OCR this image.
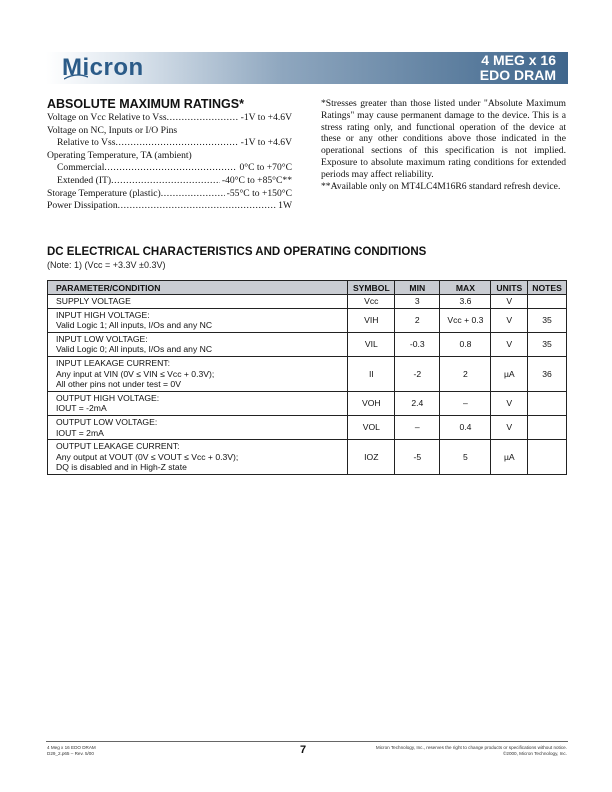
Micron	4 MEG x 16
EDO DRAM
ABSOLUTE MAXIMUM RATINGS*
Voltage on Vcc Relative to Vss .....	-1V to +4.6V
Voltage on NC, Inputs or I/O Pins
Relative to Vss .....	-1V to +4.6V
Operating Temperature, TA (ambient)
Commercial .....	0°C to +70°C
Extended (IT) .....	-40°C to +85°C**
Storage Temperature (plastic) .....	-55°C to +150°C
Power Dissipation .....	1W
*Stresses greater than those listed under "Absolute Maximum Ratings" may cause permanent damage to the device. This is a stress rating only, and functional operation of the device at these or any other conditions above those indicated in the operational sections of this specification is not implied. Exposure to absolute maximum rating conditions for extended periods may affect reliability.
**Available only on MT4LC4M16R6 standard refresh device.
DC ELECTRICAL CHARACTERISTICS AND OPERATING CONDITIONS
(Note: 1) (Vcc = +3.3V ±0.3V)
PARAMETER/CONDITION	SYMBOL	MIN	MAX	UNITS	NOTES

SUPPLY VOLTAGE	Vcc	3	3.6	V	

INPUT HIGH VOLTAGE:
Valid Logic 1; All inputs, I/Os and any NC	VIH	2	Vcc + 0.3	V	35

INPUT LOW VOLTAGE:
Valid Logic 0; All inputs, I/Os and any NC	VIL	-0.3	0.8	V	35

INPUT LEAKAGE CURRENT:
Any input at VIN (0V ≤ VIN ≤ Vcc + 0.3V);
All other pins not under test = 0V	II	-2	2	µA	36

OUTPUT HIGH VOLTAGE:
IOUT = -2mA	VOH	2.4	–	V	

OUTPUT LOW VOLTAGE:
IOUT = 2mA	VOL	–	0.4	V	

OUTPUT LEAKAGE CURRENT:
Any output at VOUT (0V ≤ VOUT ≤ Vcc + 0.3V);
DQ is disabled and in High-Z state	IOZ	-5	5	µA	
4 Meg x 16 EDO DRAM
D29_2.p65 – Rev. 5/00	7	Micron Technology, Inc., reserves the right to change products or specifications without notice.
©2000, Micron Technology, Inc.
